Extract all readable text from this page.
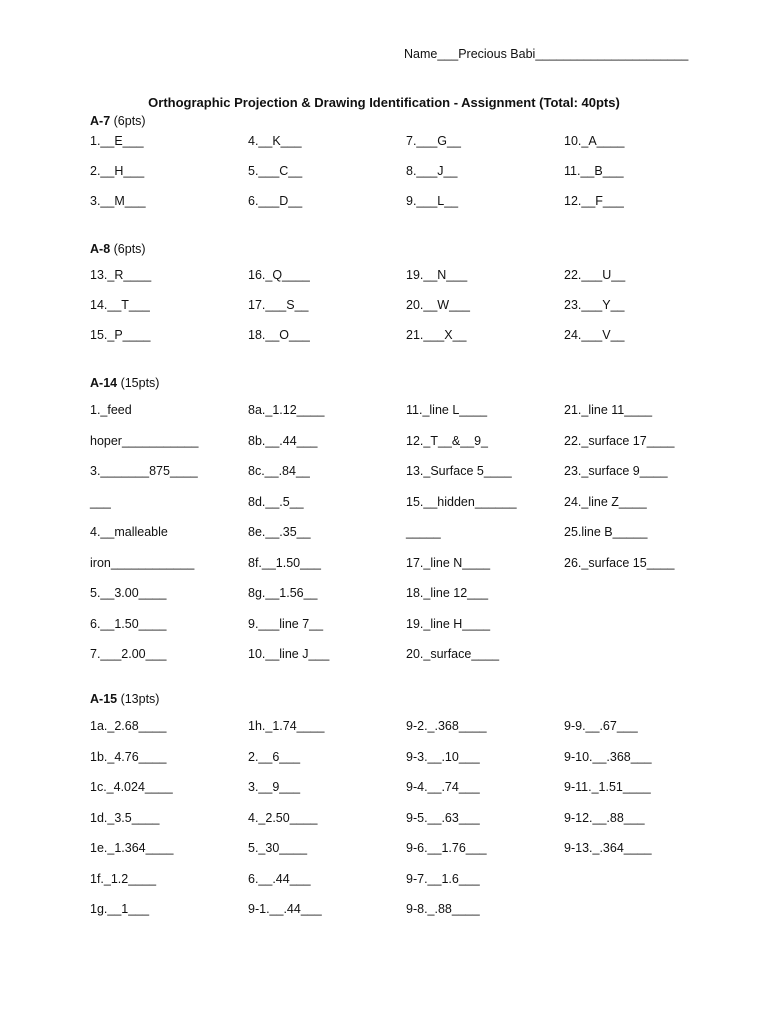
Name___Precious Babi______________________
Orthographic Projection & Drawing Identification - Assignment (Total: 40pts)
A-7 (6pts)
1.__E___	4.__K___	7.___G__	10._A____
2.__H___	5.___C__	8.___J__	11.__B___
3.__M___	6.___D__	9.___L__	12.__F___
A-8 (6pts)
13._R____	16._Q____	19.__N___	22.___U__
14.__T___	17.___S__	20.__W___	23.___Y__
15._P____	18.__O___	21.___X__	24.___V__
A-14 (15pts)
1._feed	8a._1.12____	11._line L____	21._line 11____
hoper___________	8b.__.44___	12._T__&__9_	22._surface 17____
3._______875____	8c.__.84__	13._Surface 5____	23._surface 9____
___	8d.__.5__	15.__hidden______	24._line Z____
4.__malleable	8e.__.35__	_____	25.line B_____
iron____________	8f.__1.50___	17._line N____	26._surface 15____
5.__3.00____	8g.__1.56__	18._line 12___
6.__1.50____	9.___line 7__	19._line H____
7.___2.00___	10.__line J___	20._surface____
A-15 (13pts)
1a._2.68____	1h._1.74____	9-2._.368____	9-9.__.67___
1b._4.76____	2.__6___	9-3.__.10___	9-10.__.368___
1c._4.024____	3.__9___	9-4.__.74___	9-11._1.51____
1d._3.5____	4._2.50____	9-5.__.63___	9-12.__.88___
1e._1.364____	5._30____	9-6.__1.76___	9-13._.364____
1f._1.2____	6.__.44___	9-7.__1.6___
1g.__1___	9-1.__.44___	9-8._.88____
